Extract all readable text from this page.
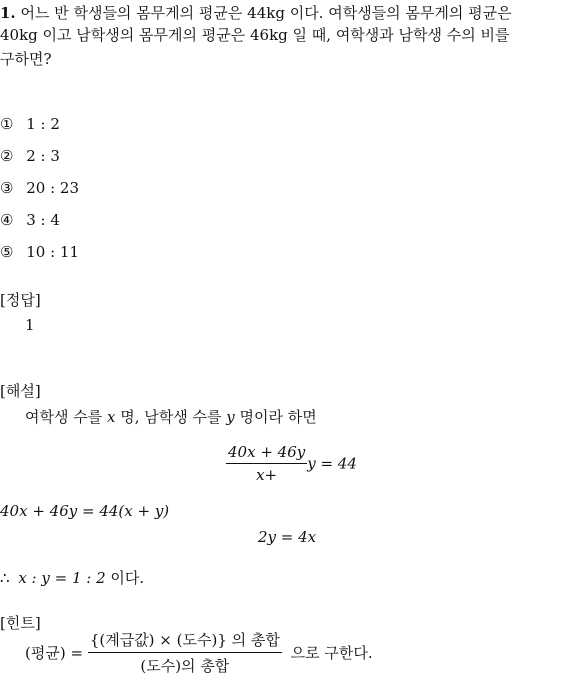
1. 어느 반 학생들의 몸무게의 평균은 44kg 이다. 여학생들의 몸무게의 평균은
40kg 이고 남학생의 몸무게의 평균은 46kg 일 때, 여학생과 남학생 수의 비를
구하면?
① 1 : 2
② 2 : 3
③ 20 : 23
④ 3 : 4
⑤ 10 : 11
[정답]
1
[해설]
여학생 수를 x 명, 남학생 수를 y 명이라 하면
$\frac{40x + 46y}{x+}$ y = 44
40x + 46y = 44(x + y)
2y = 4x
∴ x : y = 1 : 2 이다.
[힌트]
(평균) = $\frac{\text{\{(계급값) × (도수)\} 의 총합}}{\text{(도수)의 총합}}$ 으로 구한다.
